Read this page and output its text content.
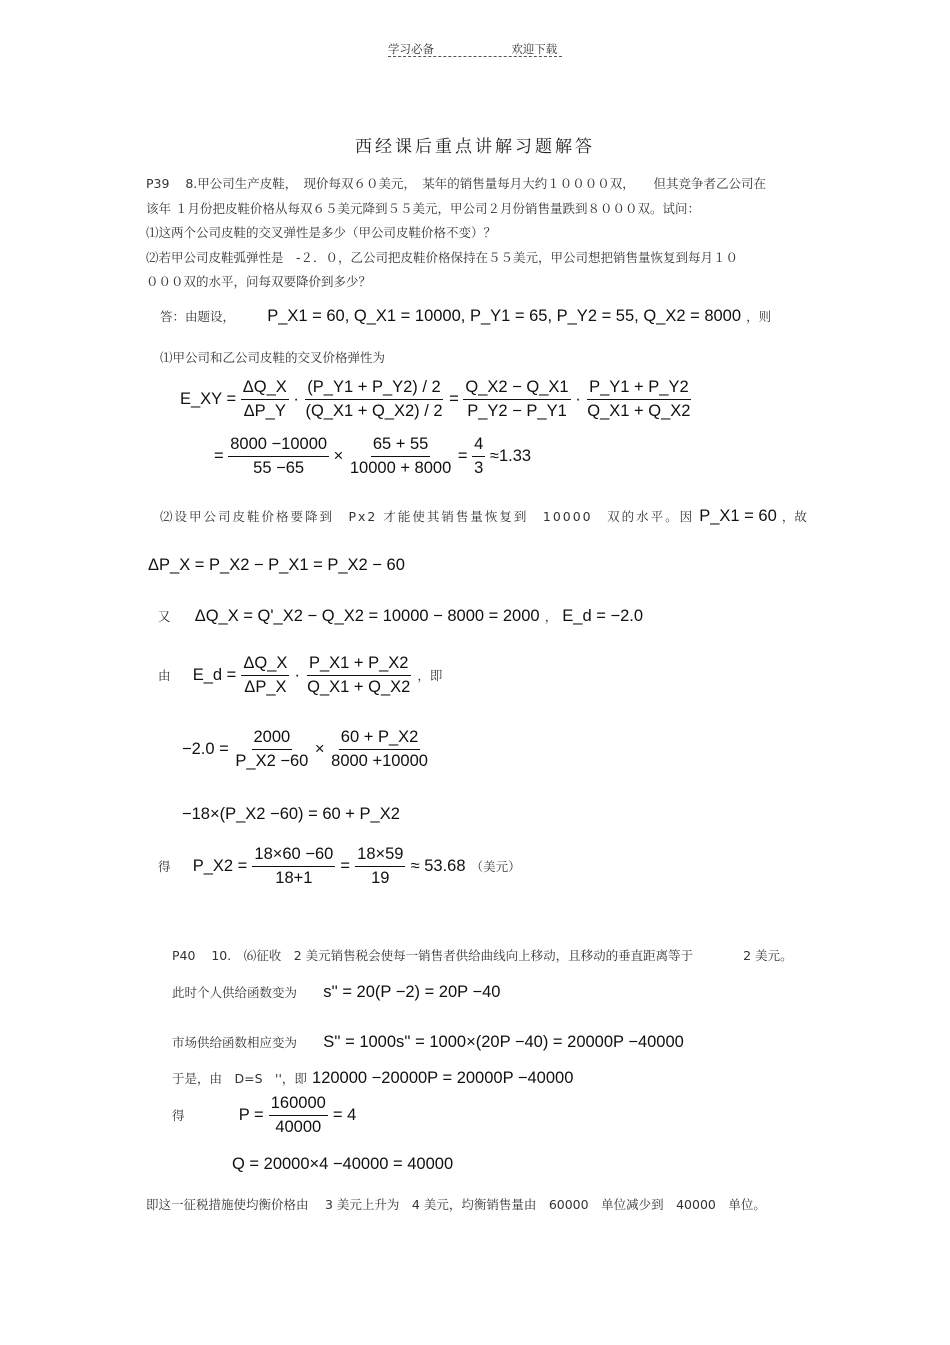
学习必备	欢迎下载
西经课后重点讲解习题解答
P39 8.甲公司生产皮鞋，　现价每双６０美元，　某年的销售量每月大约１００００双，　　但其竞争者乙公司在
该年 １月份把皮鞋价格从每双６５美元降到５５美元，甲公司２月份销售量跌到８０００双。试问：
⑴这两个公司皮鞋的交叉弹性是多少（甲公司皮鞋价格不变）？
⑵若甲公司皮鞋弧弹性是　-２．０，乙公司把皮鞋价格保持在５５美元，甲公司想把销售量恢复到每月１０
０００双的水平，问每双要降价到多少？
答：由题设， P_X1 = 60, Q_X1 = 10000, P_Y1 = 65, P_Y2 = 55, Q_X2 = 8000 ，则
⑴甲公司和乙公司皮鞋的交叉价格弹性为
E_XY = $\frac{\Delta Q\_X}{\Delta P\_Y} \cdot \frac{(P\_Y1 + P\_Y2) / 2}{(Q\_X1 + Q\_X2) / 2} = \frac{Q\_X2 - Q\_X1}{P\_Y2 - P\_Y1} \cdot \frac{P\_Y1 + P\_Y2}{Q\_X1 + Q\_X2}$
= $\frac{8000 -10000}{55 -65} \times \frac{65 + 55}{10000 + 8000} = \frac{4}{3} \approx 1.33$
⑵设甲公司皮鞋价格要降到　Px2 才能使其销售量恢复到　10000　双的水平。因 P_X1 = 60 ，故
ΔP_X = P_X2 − P_X1 = P_X2 − 60
又 ΔQ_X = Q'_X2 − Q_X2 = 10000 − 8000 = 2000 ， E_d = −2.0
由 E_d = $\frac{\Delta Q\_X}{\Delta P\_X} \cdot \frac{P\_X1 + P\_X2}{Q\_X1 + Q\_X2}$ ，即
$-2.0 = \frac{2000}{P\_X2 -60} \times \frac{60 + P\_X2}{8000 +10000}$
−18×(P_X2 −60) = 60 + P_X2
得 P_X2 = $\frac{18\times 60 -60}{18+1} = \frac{18\times 59}{19} \approx 53.68$ （美元）
P40 10.　⑹征收　2 美元销售税会使每一销售者供给曲线向上移动，且移动的垂直距离等于	2 美元。
此时个人供给函数变为 s'' = 20(P −2) = 20P −40
市场供给函数相应变为 S'' = 1000s'' = 1000×(20P −40) = 20000P −40000
于是，由　D=S　''，即 120000 −20000P = 20000P −40000
得	$P = \frac{160000}{40000} = 4$
Q = 20000×4 −40000 = 40000
即这一征税措施使均衡价格由　 3 美元上升为　4 美元，均衡销售量由　60000　单位减少到　40000　单位。
